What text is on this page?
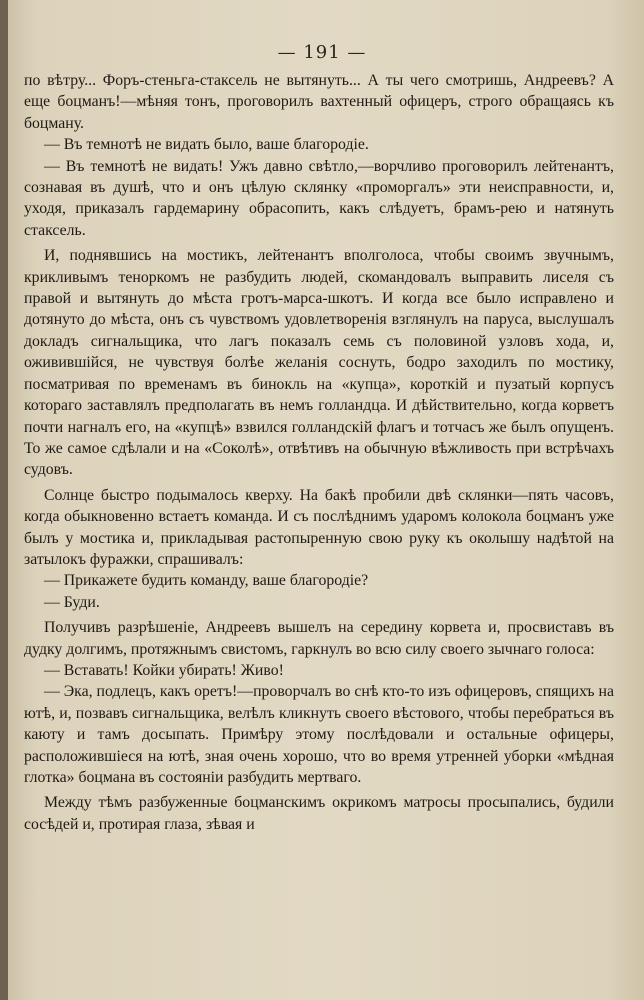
— 191 —

по вѣтру... Форъ-стеньга-стаксель не вытянуть... А ты чего смотришь, Андреевъ? А еще боцманъ!—мѣняя тонъ, проговорилъ вахтенный офицеръ, строго обращаясь къ боцману.

— Въ темнотѣ не видать было, ваше благородіе.

— Въ темнотѣ не видать! Ужъ давно свѣтло,—ворчливо проговорилъ лейтенантъ, сознавая въ душѣ, что и онъ цѣлую склянку «проморгалъ» эти неисправности, и, уходя, приказалъ гардемарину обрасопить, какъ слѣдуетъ, брамъ-рею и натянуть стаксель.

И, поднявшись на мостикъ, лейтенантъ вполголоса, чтобы своимъ звучнымъ, крикливымъ теноркомъ не разбудить людей, скомандовалъ выправить лиселя съ правой и вытянуть до мѣста гротъ-марса-шкотъ. И когда все было исправлено и дотянуто до мѣста, онъ съ чувствомъ удовлетворенія взглянулъ на паруса, выслушалъ докладъ сигнальщика, что лагъ показалъ семь съ половиной узловъ хода, и, оживившійся, не чувствуя болѣе желанія соснуть, бодро заходилъ по мостику, посматривая по временамъ въ бинокль на «купца», короткій и пузатый корпусъ котораго заставлялъ предполагать въ немъ голландца. И дѣйствительно, когда корветъ почти нагналъ его, на «купцѣ» взвился голландскій флагъ и тотчасъ же былъ опущенъ. То же самое сдѣлали и на «Соколѣ», отвѣтивъ на обычную вѣжливость при встрѣчахъ судовъ.

Солнце быстро подымалось кверху. На бакѣ пробили двѣ склянки—пять часовъ, когда обыкновенно встаетъ команда. И съ послѣднимъ ударомъ колокола боцманъ уже былъ у мостика и, прикладывая растопыренную свою руку къ околышу надѣтой на затылокъ фуражки, спрашивалъ:

— Прикажете будить команду, ваше благородіе?

— Буди.

Получивъ разрѣшеніе, Андреевъ вышелъ на середину корвета и, просвиставъ въ дудку долгимъ, протяжнымъ свистомъ, гаркнулъ во всю силу своего зычнаго голоса:

— Вставать! Койки убирать! Живо!

— Эка, подлецъ, какъ оретъ!—проворчалъ во снѣ кто-то изъ офицеровъ, спящихъ на ютѣ, и, позвавъ сигнальщика, велѣлъ кликнуть своего вѣстового, чтобы перебраться въ каюту и тамъ досыпать. Примѣру этому послѣдовали и остальные офицеры, расположившіеся на ютѣ, зная очень хорошо, что во время утренней уборки «мѣдная глотка» боцмана въ состояніи разбудить мертваго.

Между тѣмъ разбуженные боцманскимъ окрикомъ матросы просыпались, будили сосѣдей и, протирая глаза, зѣвая и
